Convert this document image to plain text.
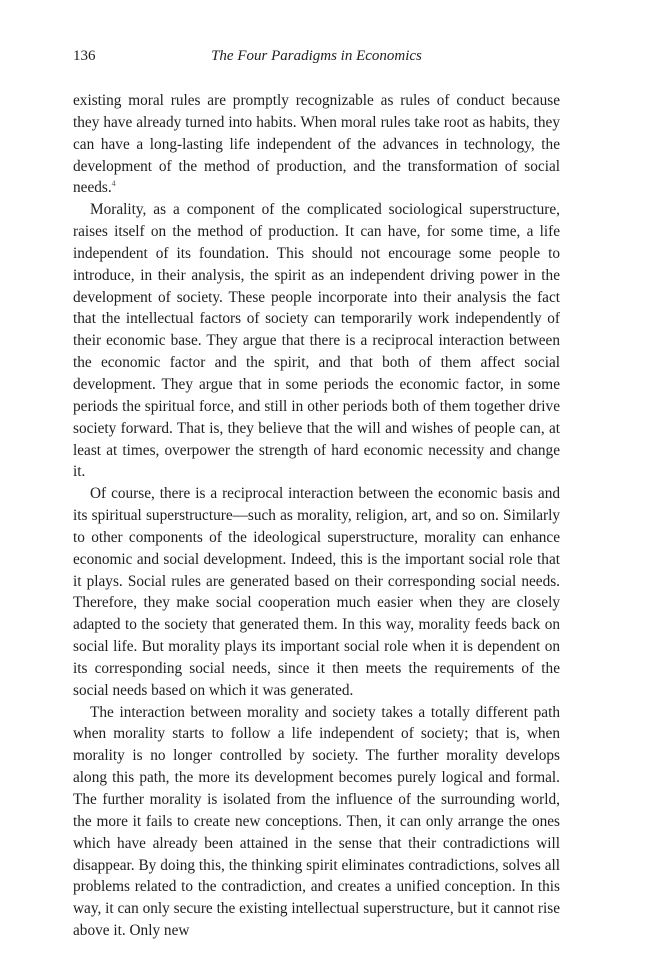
136	The Four Paradigms in Economics

existing moral rules are promptly recognizable as rules of conduct because they have already turned into habits. When moral rules take root as habits, they can have a long-lasting life independent of the advances in technology, the development of the method of production, and the transformation of social needs.$^4$

Morality, as a component of the complicated sociological superstructure, raises itself on the method of production. It can have, for some time, a life independent of its foundation. This should not encourage some people to introduce, in their analysis, the spirit as an independent driving power in the development of society. These people incorporate into their analysis the fact that the intellectual factors of society can temporarily work independently of their economic base. They argue that there is a reciprocal interaction between the economic factor and the spirit, and that both of them affect social development. They argue that in some periods the economic factor, in some periods the spiritual force, and still in other periods both of them together drive society forward. That is, they believe that the will and wishes of people can, at least at times, overpower the strength of hard economic necessity and change it.

Of course, there is a reciprocal interaction between the economic basis and its spiritual superstructure—such as morality, religion, art, and so on. Similarly to other components of the ideological superstructure, morality can enhance economic and social development. Indeed, this is the important social role that it plays. Social rules are generated based on their corresponding social needs. Therefore, they make social cooperation much easier when they are closely adapted to the society that generated them. In this way, morality feeds back on social life. But morality plays its important social role when it is dependent on its corresponding social needs, since it then meets the requirements of the social needs based on which it was generated.

The interaction between morality and society takes a totally different path when morality starts to follow a life independent of society; that is, when morality is no longer controlled by society. The further morality develops along this path, the more its development becomes purely logical and formal. The further morality is isolated from the influence of the surrounding world, the more it fails to create new conceptions. Then, it can only arrange the ones which have already been attained in the sense that their contradictions will disappear. By doing this, the thinking spirit eliminates contradictions, solves all problems related to the contradiction, and creates a unified conception. In this way, it can only secure the existing intellectual superstructure, but it cannot rise above it. Only new
